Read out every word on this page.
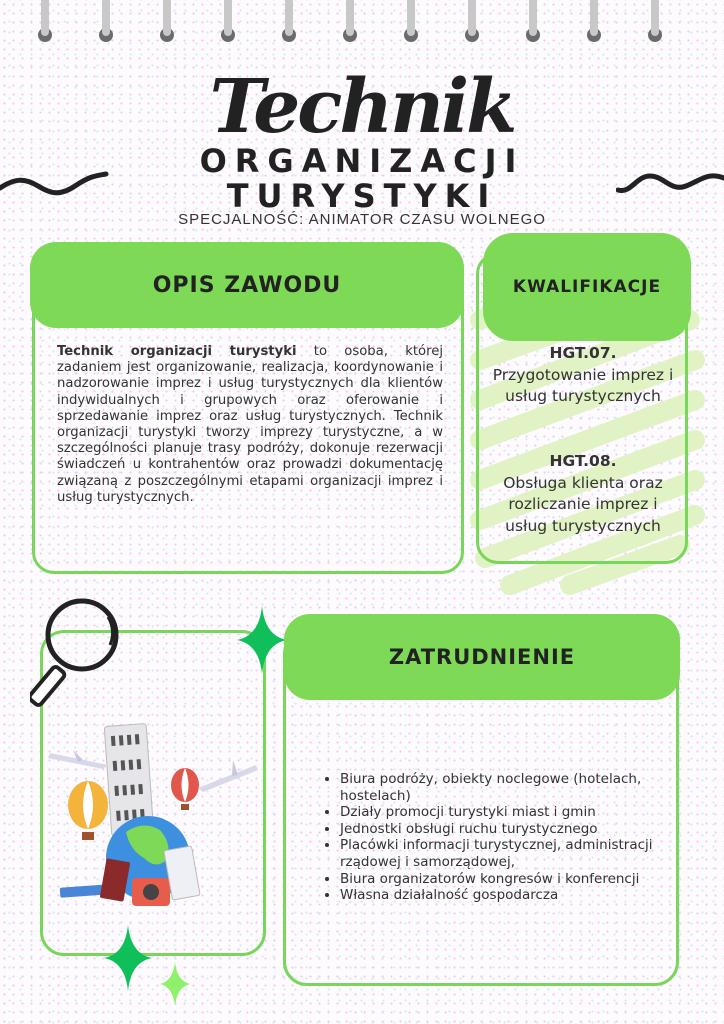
Technik
ORGANIZACJI
TURYSTYKI
SPECJALNOŚĆ: ANIMATOR CZASU WOLNEGO
OPIS ZAWODU
Technik organizacji turystyki to osoba, której zadaniem jest organizowanie, realizacja, koordynowanie i nadzorowanie imprez i usług turystycznych dla klientów indywidualnych i grupowych oraz oferowanie i sprzedawanie imprez oraz usług turystycznych. Technik organizacji turystyki tworzy imprezy turystyczne, a w szczególności planuje trasy podróży, dokonuje rezerwacji świadczeń u kontrahentów oraz prowadzi dokumentację związaną z poszczególnymi etapami organizacji imprez i usług turystycznych.
KWALIFIKACJE
HGT.07.
Przygotowanie imprez i usług turystycznych
HGT.08.
Obsługa klienta oraz rozliczanie imprez i usług turystycznych
ZATRUDNIENIE
• Biura podróży, obiekty noclegowe (hotelach, hostelach)
• Działy promocji turystyki miast i gmin
• Jednostki obsługi ruchu turystycznego
• Placówki informacji turystycznej, administracji rządowej i samorządowej,
• Biura organizatorów kongresów i konferencji
• Własna działalność gospodarcza
